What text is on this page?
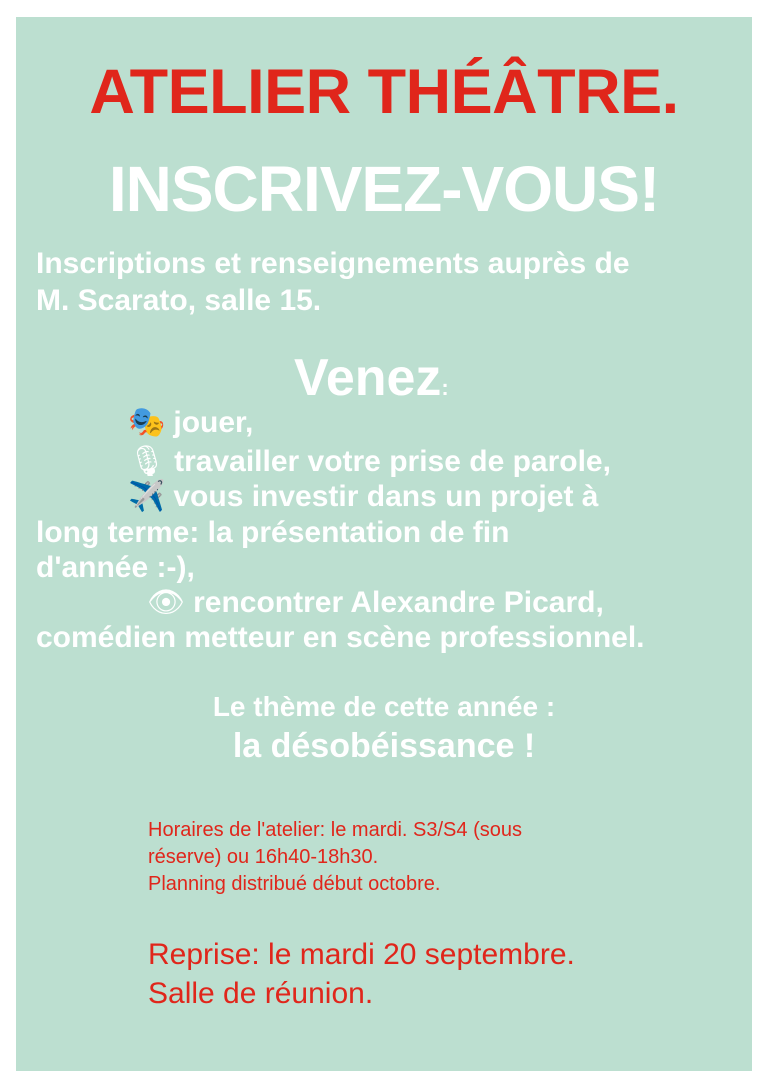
ATELIER THÉÂTRE.
INSCRIVEZ-VOUS!
Inscriptions et renseignements auprès de
M. Scarato, salle 15.
Venez:
🎭 jouer,
🎙 travailler votre prise de parole,
✈️ vous investir dans un projet à
long terme: la présentation de fin
d'année :-),
👁 rencontrer Alexandre Picard,
comédien metteur en scène professionnel.
Le thème de cette année :
la désobéissance !
Horaires de l'atelier: le mardi. S3/S4 (sous
réserve) ou 16h40-18h30.
Planning distribué début octobre.
Reprise: le mardi 20 septembre.
Salle de réunion.
